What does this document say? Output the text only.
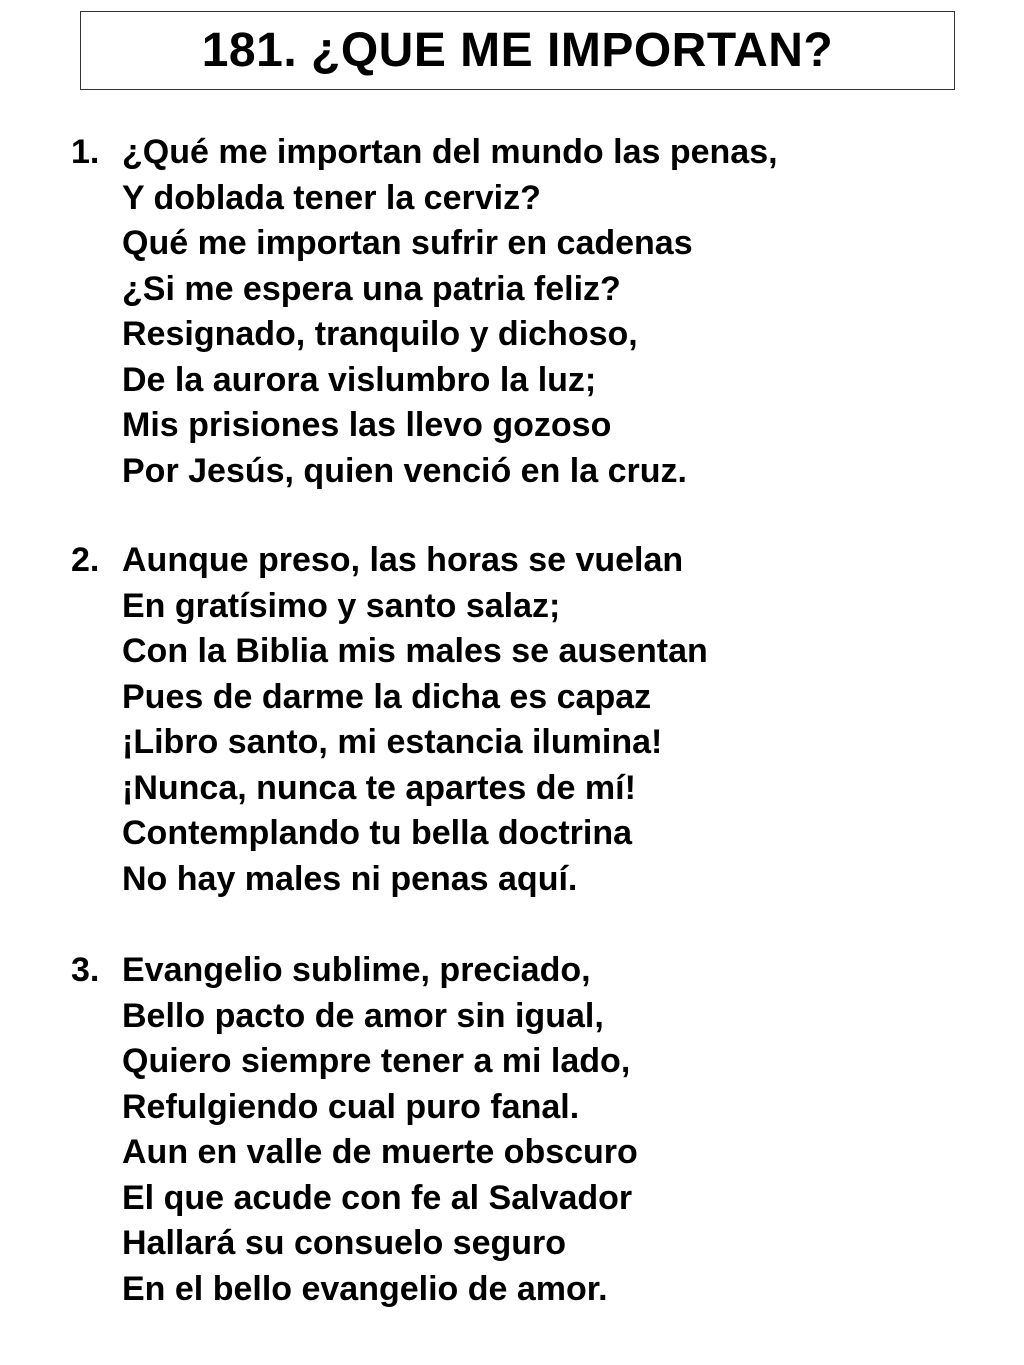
181. ¿QUE ME IMPORTAN?
1. ¿Qué me importan del mundo las penas,
Y doblada tener la cerviz?
Qué me importan sufrir en cadenas
¿Si me espera una patria feliz?
Resignado, tranquilo y dichoso,
De la aurora vislumbro la luz;
Mis prisiones las llevo gozoso
Por Jesús, quien venció en la cruz.
2. Aunque preso, las horas se vuelan
En gratísimo y santo salaz;
Con la Biblia mis males se ausentan
Pues de darme la dicha es capaz
¡Libro santo, mi estancia ilumina!
¡Nunca, nunca te apartes de mí!
Contemplando tu bella doctrina
No hay males ni penas aquí.
3. Evangelio sublime, preciado,
Bello pacto de amor sin igual,
Quiero siempre tener a mi lado,
Refulgiendo cual puro fanal.
Aun en valle de muerte obscuro
El que acude con fe al Salvador
Hallará su consuelo seguro
En el bello evangelio de amor.
